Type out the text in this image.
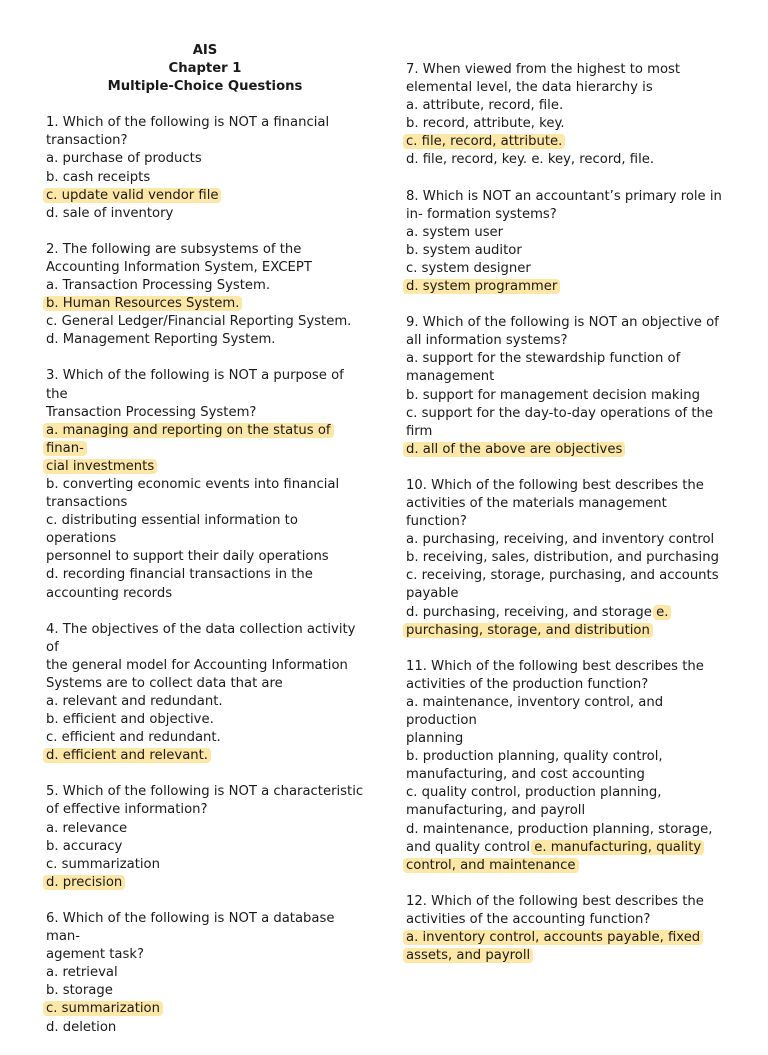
AIS
Chapter 1
Multiple-Choice Questions
1. Which of the following is NOT a financial
transaction?
a. purchase of products
b. cash receipts
c. update valid vendor file
d. sale of inventory
2. The following are subsystems of the
Accounting Information System, EXCEPT
a. Transaction Processing System.
b. Human Resources System.
c. General Ledger/Financial Reporting System.
d. Management Reporting System.
3. Which of the following is NOT a purpose of the
Transaction Processing System?
a. managing and reporting on the status of finan-
cial investments
b. converting economic events into financial
transactions
c. distributing essential information to operations
personnel to support their daily operations
d. recording financial transactions in the
accounting records
4. The objectives of the data collection activity of
the general model for Accounting Information
Systems are to collect data that are
a. relevant and redundant.
b. efficient and objective.
c. efficient and redundant.
d. efficient and relevant.
5. Which of the following is NOT a characteristic
of effective information?
a. relevance
b. accuracy
c. summarization
d. precision
6. Which of the following is NOT a database man-
agement task?
a. retrieval
b. storage
c. summarization
d. deletion
7. When viewed from the highest to most
elemental level, the data hierarchy is
a. attribute, record, file.
b. record, attribute, key.
c. file, record, attribute.
d. file, record, key. e. key, record, file.
8. Which is NOT an accountant’s primary role in
in- formation systems?
a. system user
b. system auditor
c. system designer
d. system programmer
9. Which of the following is NOT an objective of
all information systems?
a. support for the stewardship function of
management
b. support for management decision making
c. support for the day-to-day operations of the
firm
d. all of the above are objectives
10. Which of the following best describes the
activities of the materials management function?
a. purchasing, receiving, and inventory control
b. receiving, sales, distribution, and purchasing
c. receiving, storage, purchasing, and accounts
payable
d. purchasing, receiving, and storage e.
purchasing, storage, and distribution
11. Which of the following best describes the
activities of the production function?
a. maintenance, inventory control, and production
planning
b. production planning, quality control,
manufacturing, and cost accounting
c. quality control, production planning,
manufacturing, and payroll
d. maintenance, production planning, storage,
and quality control e. manufacturing, quality
control, and maintenance
12. Which of the following best describes the
activities of the accounting function?
a. inventory control, accounts payable, fixed
assets, and payroll
